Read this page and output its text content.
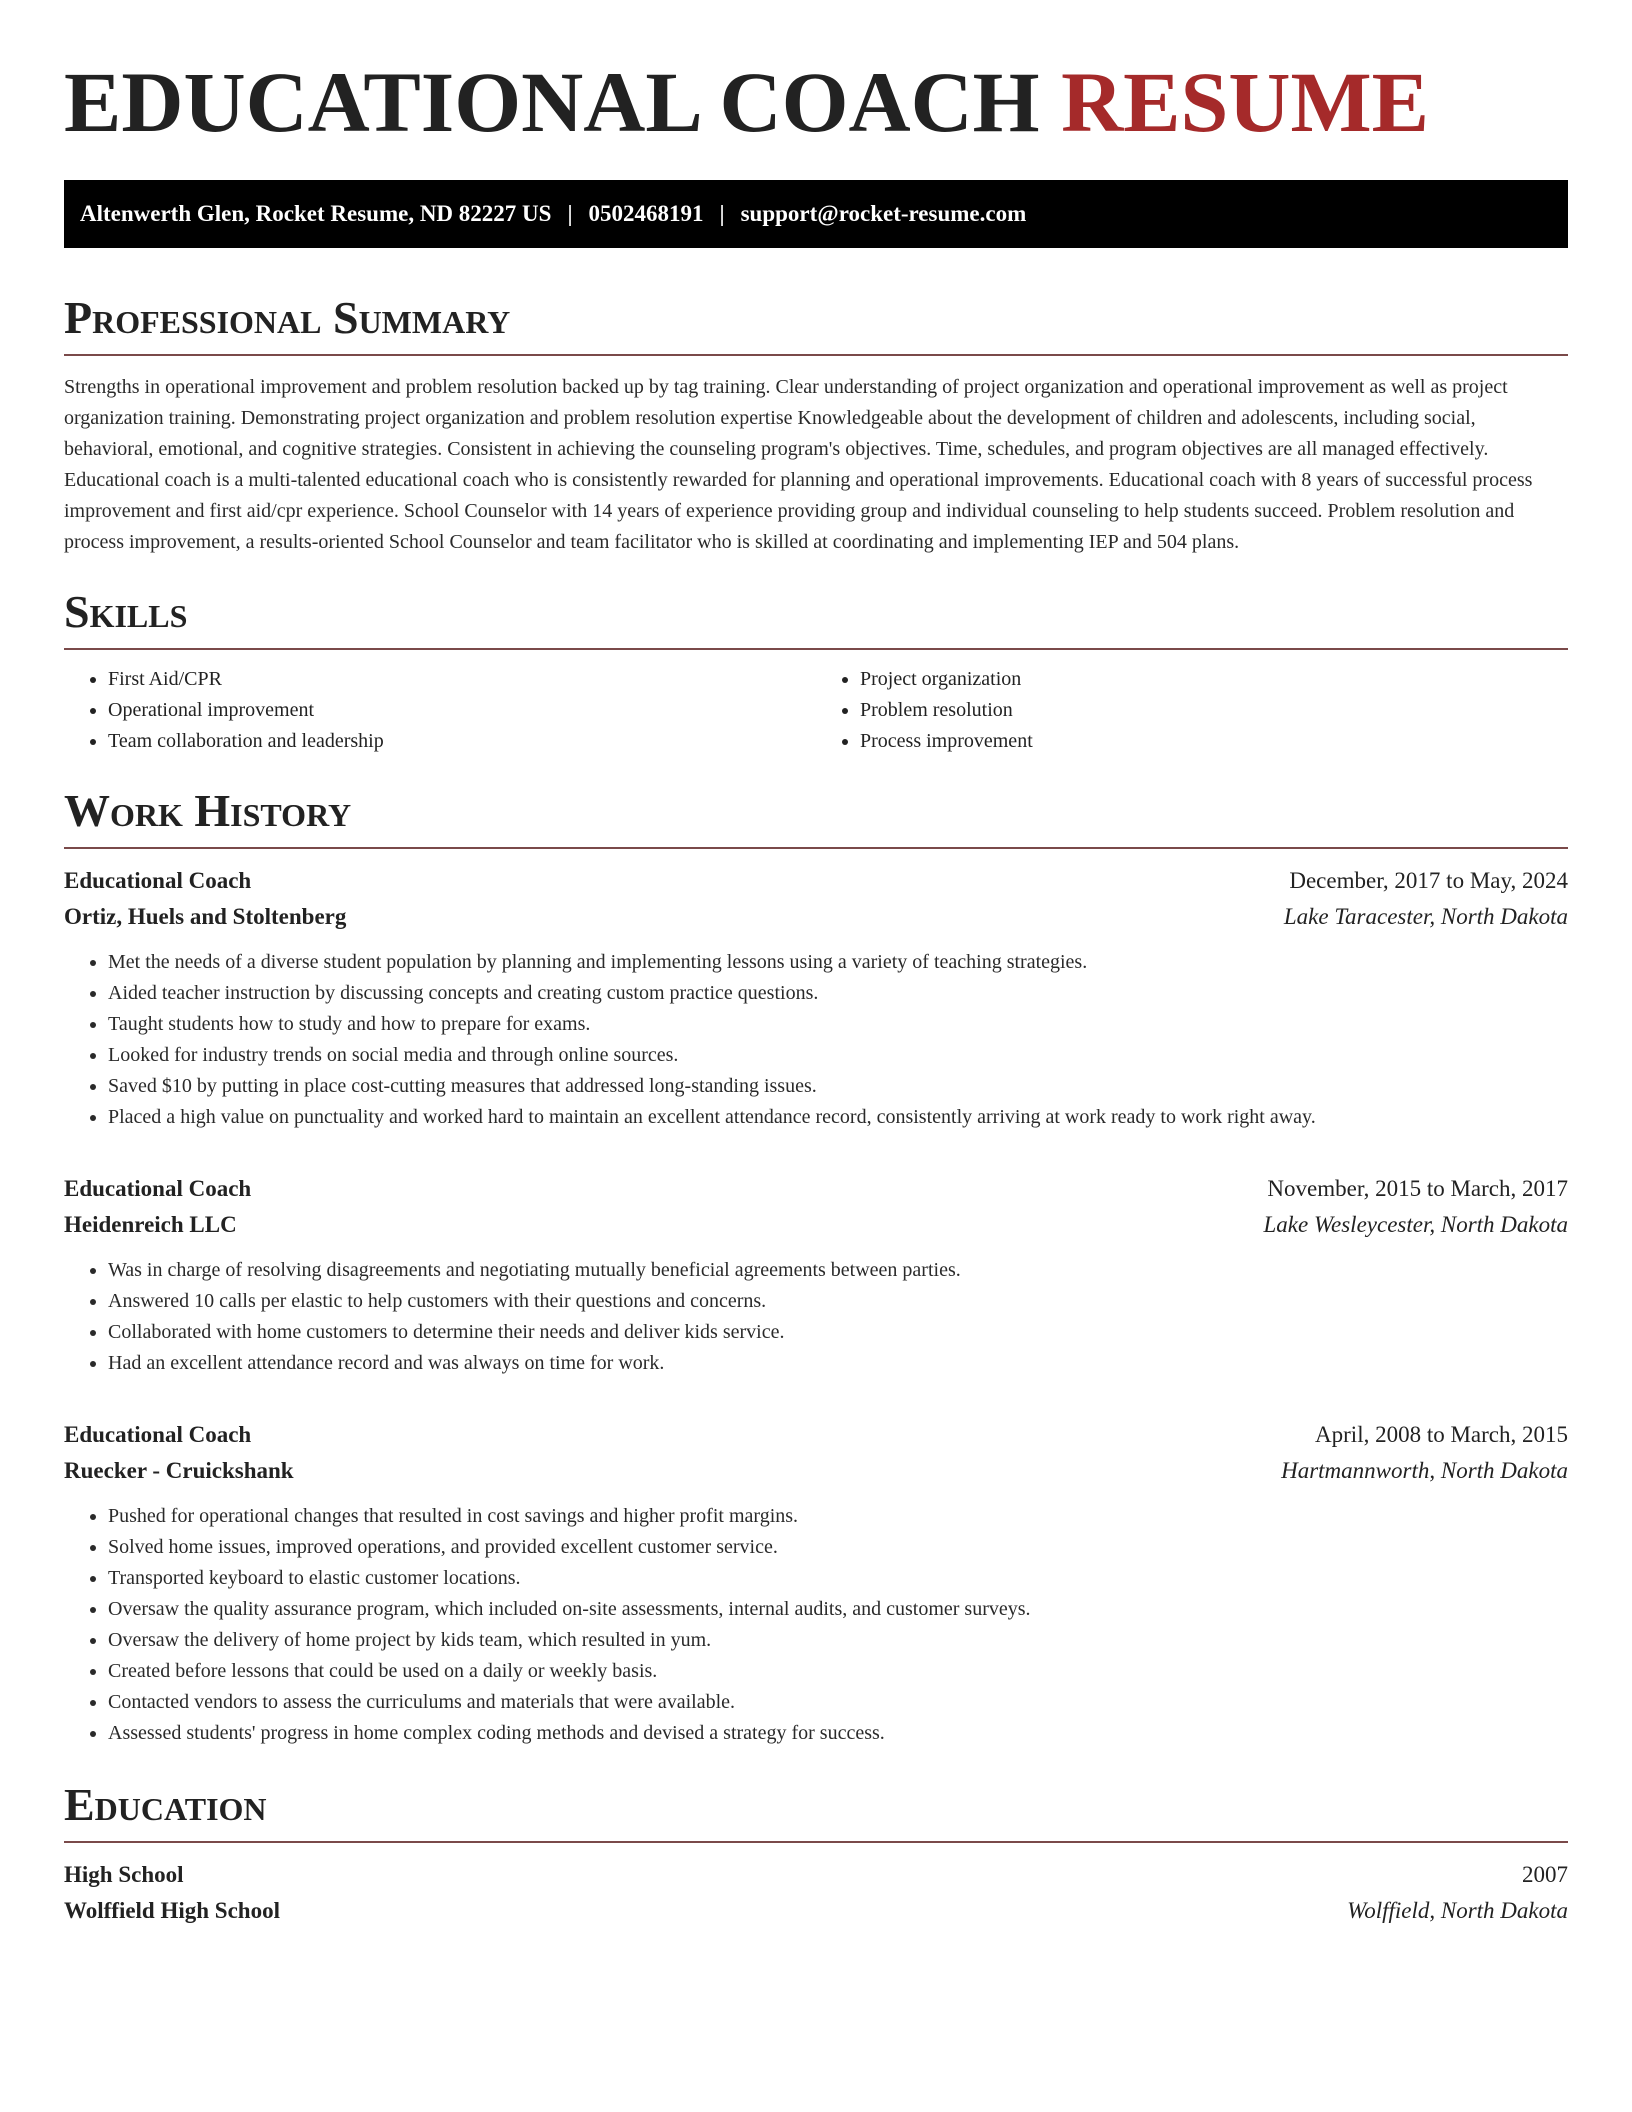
EDUCATIONAL COACH RESUME
Altenwerth Glen, Rocket Resume, ND 82227 US | 0502468191 | support@rocket-resume.com
Professional Summary

Strengths in operational improvement and problem resolution backed up by tag training. Clear understanding of project organization and operational improvement as well as project organization training. Demonstrating project organization and problem resolution expertise Knowledgeable about the development of children and adolescents, including social, behavioral, emotional, and cognitive strategies. Consistent in achieving the counseling program's objectives. Time, schedules, and program objectives are all managed effectively. Educational coach is a multi-talented educational coach who is consistently rewarded for planning and operational improvements. Educational coach with 8 years of successful process improvement and first aid/cpr experience. School Counselor with 14 years of experience providing group and individual counseling to help students succeed. Problem resolution and process improvement, a results-oriented School Counselor and team facilitator who is skilled at coordinating and implementing IEP and 504 plans.

Skills
• First Aid/CPR
• Operational improvement
• Team collaboration and leadership
• Project organization
• Problem resolution
• Process improvement
Work History
Educational Coach	December, 2017 to May, 2024
Ortiz, Huels and Stoltenberg	Lake Taracester, North Dakota
• Met the needs of a diverse student population by planning and implementing lessons using a variety of teaching strategies.
• Aided teacher instruction by discussing concepts and creating custom practice questions.
• Taught students how to study and how to prepare for exams.
• Looked for industry trends on social media and through online sources.
• Saved $10 by putting in place cost-cutting measures that addressed long-standing issues.
• Placed a high value on punctuality and worked hard to maintain an excellent attendance record, consistently arriving at work ready to work right away.
Educational Coach	November, 2015 to March, 2017
Heidenreich LLC	Lake Wesleycester, North Dakota
• Was in charge of resolving disagreements and negotiating mutually beneficial agreements between parties.
• Answered 10 calls per elastic to help customers with their questions and concerns.
• Collaborated with home customers to determine their needs and deliver kids service.
• Had an excellent attendance record and was always on time for work.
Educational Coach	April, 2008 to March, 2015
Ruecker - Cruickshank	Hartmannworth, North Dakota
• Pushed for operational changes that resulted in cost savings and higher profit margins.
• Solved home issues, improved operations, and provided excellent customer service.
• Transported keyboard to elastic customer locations.
• Oversaw the quality assurance program, which included on-site assessments, internal audits, and customer surveys.
• Oversaw the delivery of home project by kids team, which resulted in yum.
• Created before lessons that could be used on a daily or weekly basis.
• Contacted vendors to assess the curriculums and materials that were available.
• Assessed students' progress in home complex coding methods and devised a strategy for success.
Education
High School	2007
Wolffield High School	Wolffield, North Dakota
